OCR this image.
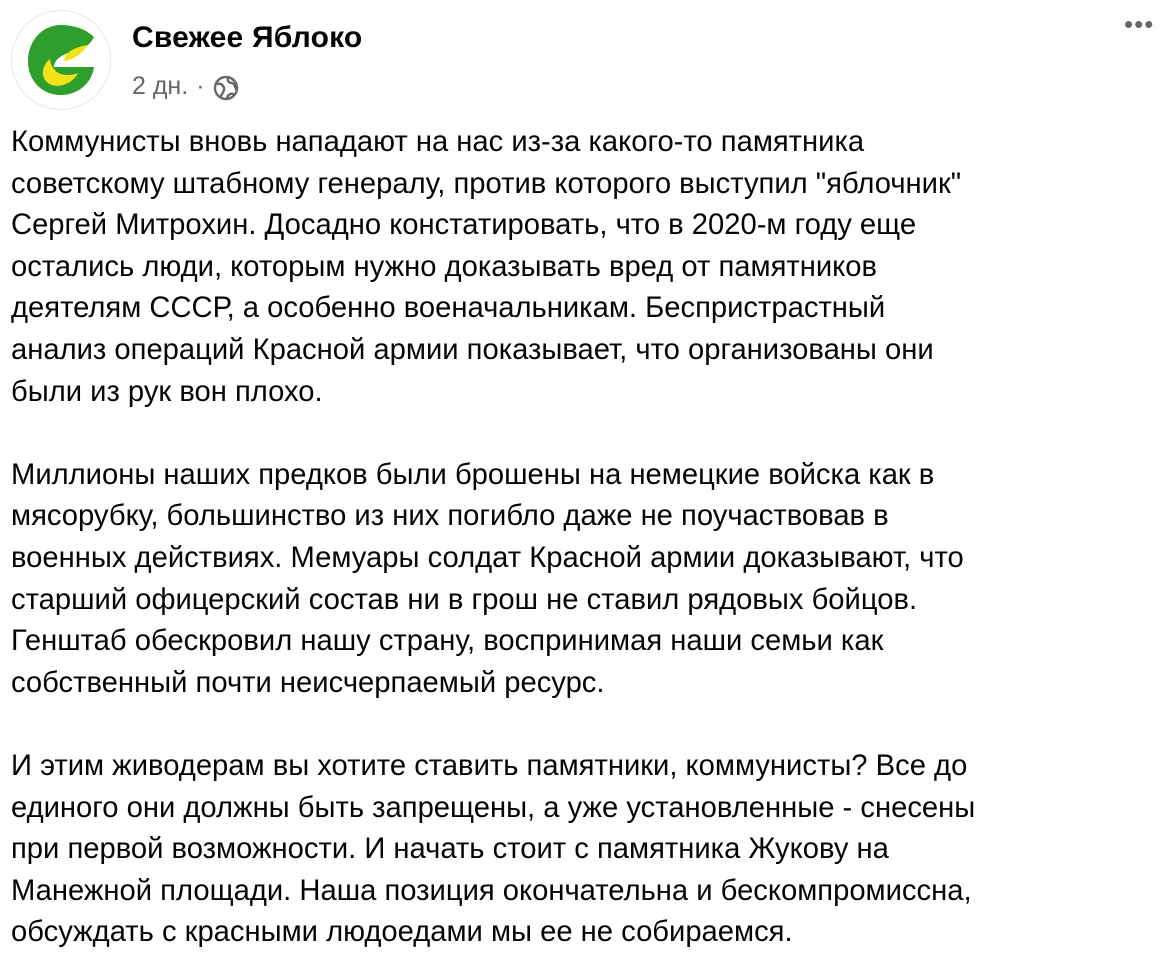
Свежее Яблоко
2 дн. ·
•••

Коммунисты вновь нападают на нас из-за какого-то памятника
советскому штабному генералу, против которого выступил "яблочник"
Сергей Митрохин. Досадно констатировать, что в 2020-м году еще
остались люди, которым нужно доказывать вред от памятников
деятелям СССР, а особенно военачальникам. Беспристрастный
анализ операций Красной армии показывает, что организованы они
были из рук вон плохо.

Миллионы наших предков были брошены на немецкие войска как в
мясорубку, большинство из них погибло даже не поучаствовав в
военных действиях. Мемуары солдат Красной армии доказывают, что
старший офицерский состав ни в грош не ставил рядовых бойцов.
Генштаб обескровил нашу страну, воспринимая наши семьи как
собственный почти неисчерпаемый ресурс.

И этим живодерам вы хотите ставить памятники, коммунисты? Все до
единого они должны быть запрещены, а уже установленные - снесены
при первой возможности. И начать стоит с памятника Жукову на
Манежной площади. Наша позиция окончательна и бескомпромиссна,
обсуждать с красными людоедами мы ее не собираемся.
